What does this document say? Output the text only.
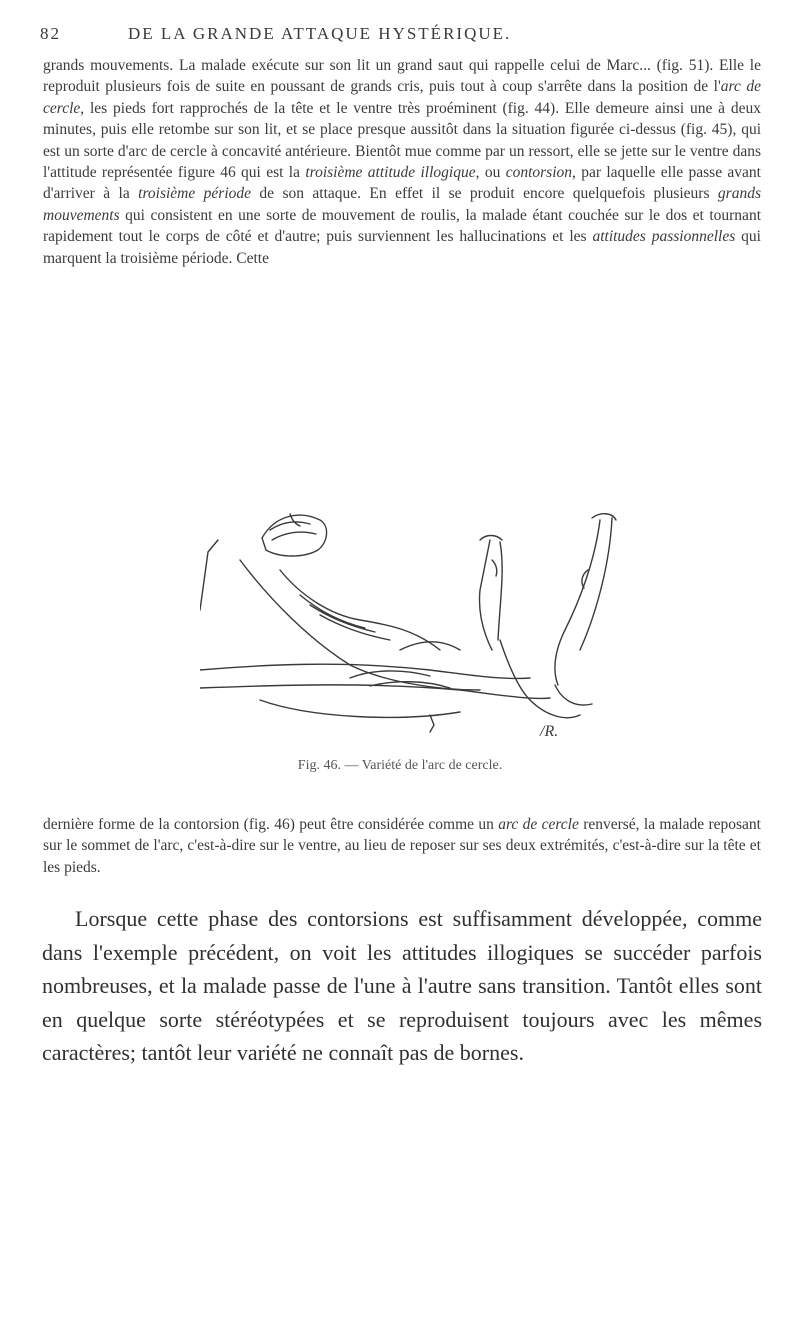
82	DE LA GRANDE ATTAQUE HYSTÉRIQUE.

grands mouvements. La malade exécute sur son lit un grand saut qui rappelle celui de Marc... (fig. 51). Elle le reproduit plusieurs fois de suite en poussant de grands cris, puis tout à coup s'arrête dans la position de l'arc de cercle, les pieds fort rapprochés de la tête et le ventre très proéminent (fig. 44). Elle demeure ainsi une à deux minutes, puis elle retombe sur son lit, et se place presque aussitôt dans la situation figurée ci-dessus (fig. 45), qui est un sorte d'arc de cercle à concavité antérieure. Bientôt mue comme par un ressort, elle se jette sur le ventre dans l'attitude représentée figure 46 qui est la troisième attitude illogique, ou contorsion, par laquelle elle passe avant d'arriver à la troisième période de son attaque. En effet il se produit encore quelquefois plusieurs grands mouvements qui consistent en une sorte de mouvement de roulis, la malade étant couchée sur le dos et tournant rapidement tout le corps de côté et d'autre; puis surviennent les hallucinations et les attitudes passionnelles qui marquent la troisième période. Cette

/R.
Fig. 46. — Variété de l'arc de cercle.

dernière forme de la contorsion (fig. 46) peut être considérée comme un arc de cercle renversé, la malade reposant sur le sommet de l'arc, c'est-à-dire sur le ventre, au lieu de reposer sur ses deux extrémités, c'est-à-dire sur la tête et les pieds.

Lorsque cette phase des contorsions est suffisamment développée, comme dans l'exemple précédent, on voit les attitudes illogiques se succéder parfois nombreuses, et la malade passe de l'une à l'autre sans transition. Tantôt elles sont en quelque sorte stéréotypées et se reproduisent toujours avec les mêmes caractères; tantôt leur variété ne connaît pas de bornes.
